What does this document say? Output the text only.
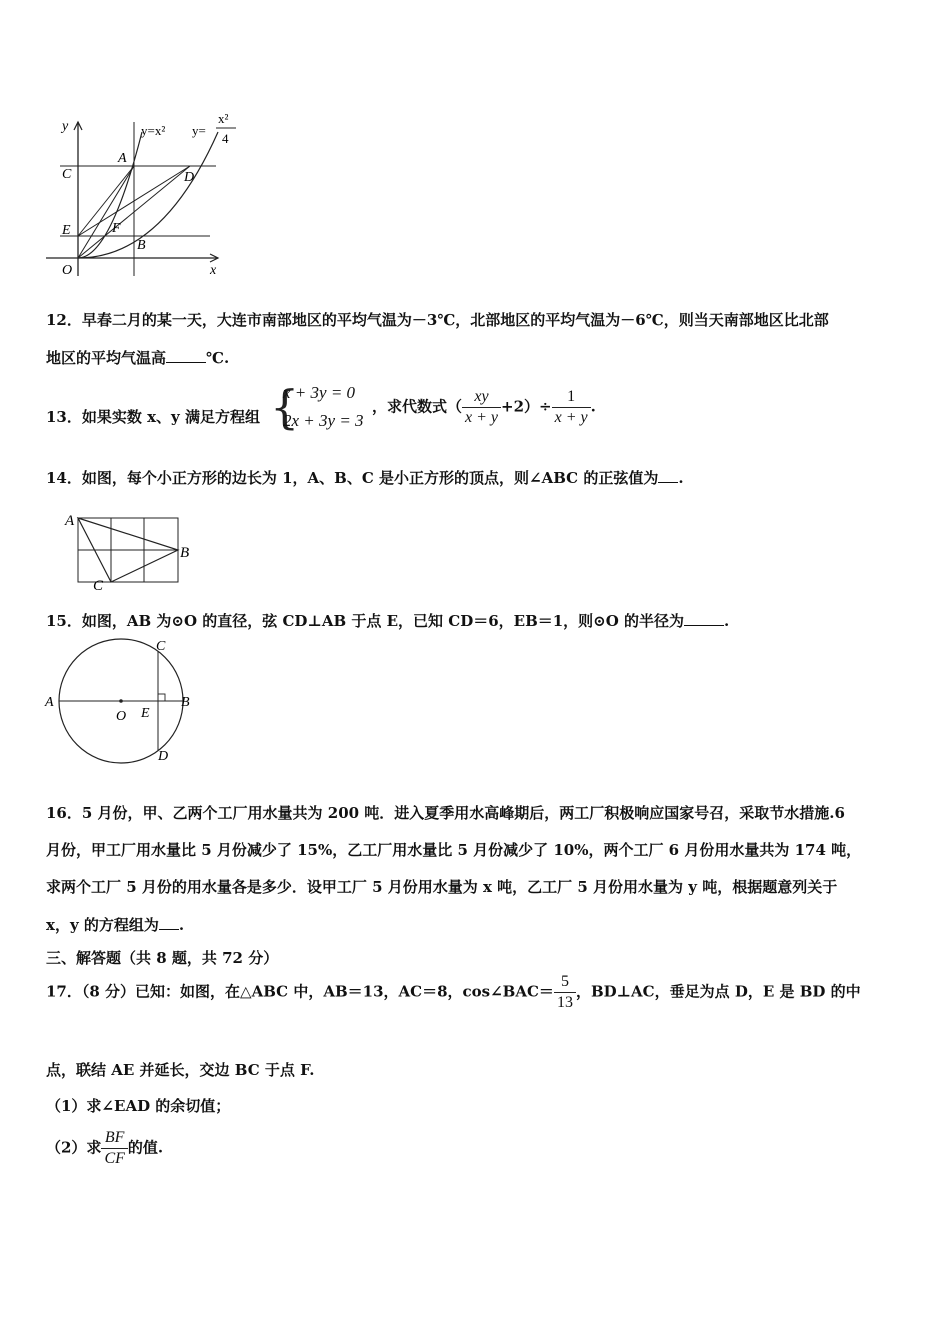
y
x
y=x² y=
x²
4
C
A
D
E	F
B
O
12．早春二月的某一天，大连市南部地区的平均气温为－3℃，北部地区的平均气温为－6℃，则当天南部地区比北部
地区的平均气温高	℃.
13．如果实数 x、y 满足方程组 {
x + 3y = 0
2x + 3y = 3
，求代数式（ $\frac{xy}{x + y} +2)\div \frac{1}{x + y}$ .
14．如图，每个小正方形的边长为 1，A、B、C 是小正方形的顶点，则∠ABC 的正弦值为 .
A
B
C
15．如图，AB 为⊙O 的直径，弦 CD⊥AB 于点 E，已知 CD＝6，EB＝1，则⊙O 的半径为	.
A	B
C
D
E
O
16．5 月份，甲、乙两个工厂用水量共为 200 吨．进入夏季用水高峰期后，两工厂积极响应国家号召，采取节水措施.6
月份，甲工厂用水量比 5 月份减少了 15%，乙工厂用水量比 5 月份减少了 10%，两个工厂 6 月份用水量共为 174 吨，
求两个工厂 5 月份的用水量各是多少．设甲工厂 5 月份用水量为 x 吨，乙工厂 5 月份用水量为 y 吨，根据题意列关于
x，y 的方程组为 .
三、解答题（共 8 题，共 72 分）
17．（8 分）已知：如图，在△ABC 中，AB＝13，AC＝8，cos∠BAC＝ $\frac{5}{13}$ ，BD⊥AC，垂足为点 D，E 是 BD 的中
点，联结 AE 并延长，交边 BC 于点 F.
（1）求∠EAD 的余切值；
（2）求 $\frac{BF}{CF}$ 的值.
